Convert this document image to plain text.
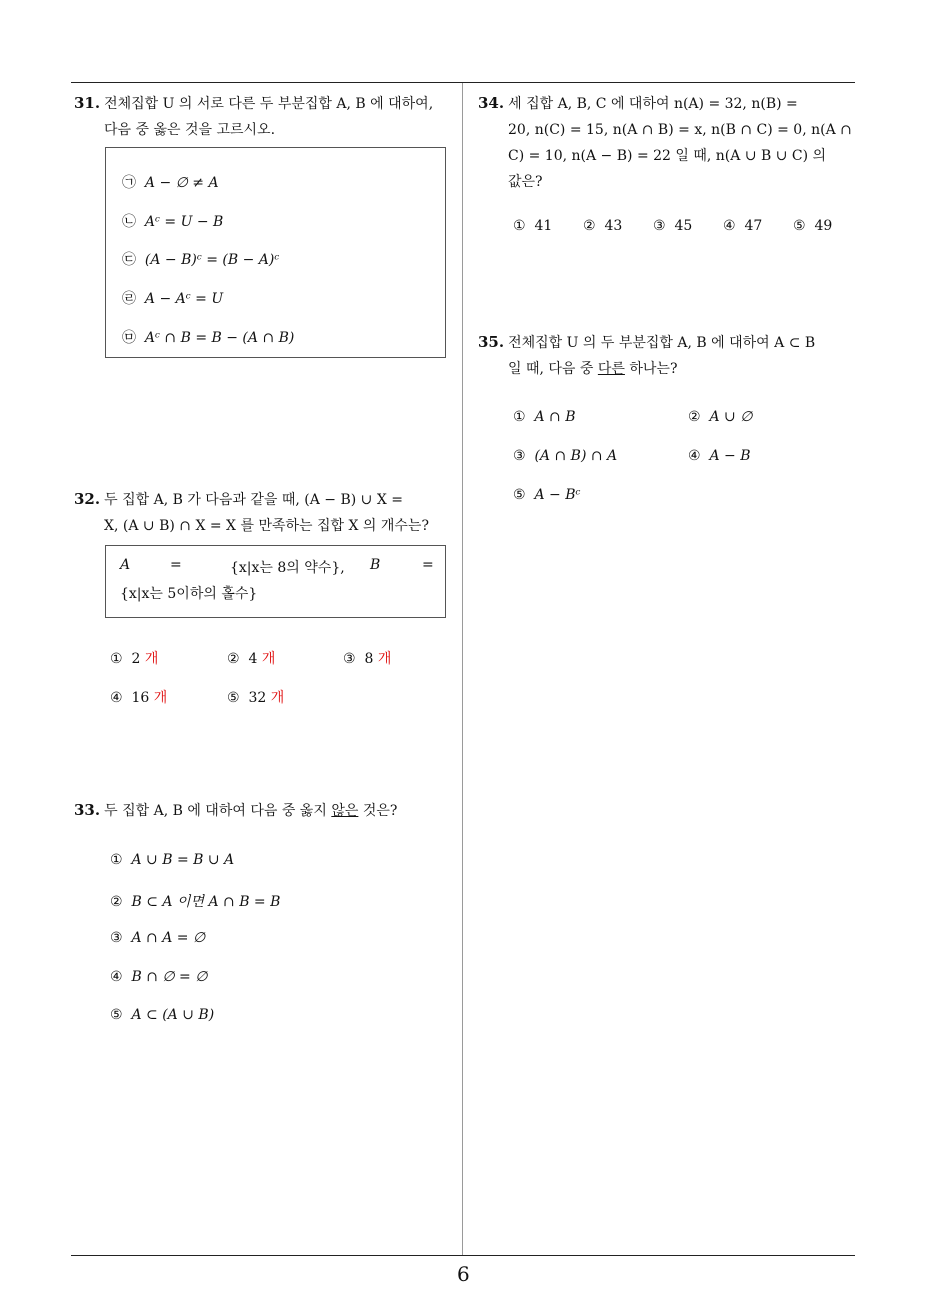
31. 전체집합 U 의 서로 다른 두 부분집합 A, B 에 대하여,
다음 중 옳은 것을 고르시오.
㉠ A − ∅ ≠ A
㉡ Aᶜ = U − B
㉢ (A − B)ᶜ = (B − A)ᶜ
㉣ A − Aᶜ = U
㉤ Aᶜ ∩ B = B − (A ∩ B)
32. 두 집합 A, B 가 다음과 같을 때, (A − B) ∪ X =
X, (A ∪ B) ∩ X = X 를 만족하는 집합 X 의 개수는?
A	=	{x|x는 8의 약수}, B	=
{x|x는 5이하의 홀수}
① 2 개	② 4 개	③ 8 개
④ 16 개	⑤ 32 개
33. 두 집합 A, B 에 대하여 다음 중 옳지 않은 것은?
① A ∪ B = B ∪ A
② B ⊂ A 이면 A ∩ B = B
③ A ∩ A = ∅
④ B ∩ ∅ = ∅
⑤ A ⊂ (A ∪ B)
34. 세 집합 A, B, C 에 대하여 n(A) = 32, n(B) =
20, n(C) = 15, n(A ∩ B) = x, n(B ∩ C) = 0, n(A ∩
C) = 10, n(A − B) = 22 일 때, n(A ∪ B ∪ C) 의
값은?
① 41 ② 43 ③ 45 ④ 47 ⑤ 49
35. 전체집합 U 의 두 부분집합 A, B 에 대하여 A ⊂ B
일 때, 다음 중 다른 하나는?
① A ∩ B	② A ∪ ∅
③ (A ∩ B) ∩ A	④ A − B
⑤ A − Bᶜ
6
